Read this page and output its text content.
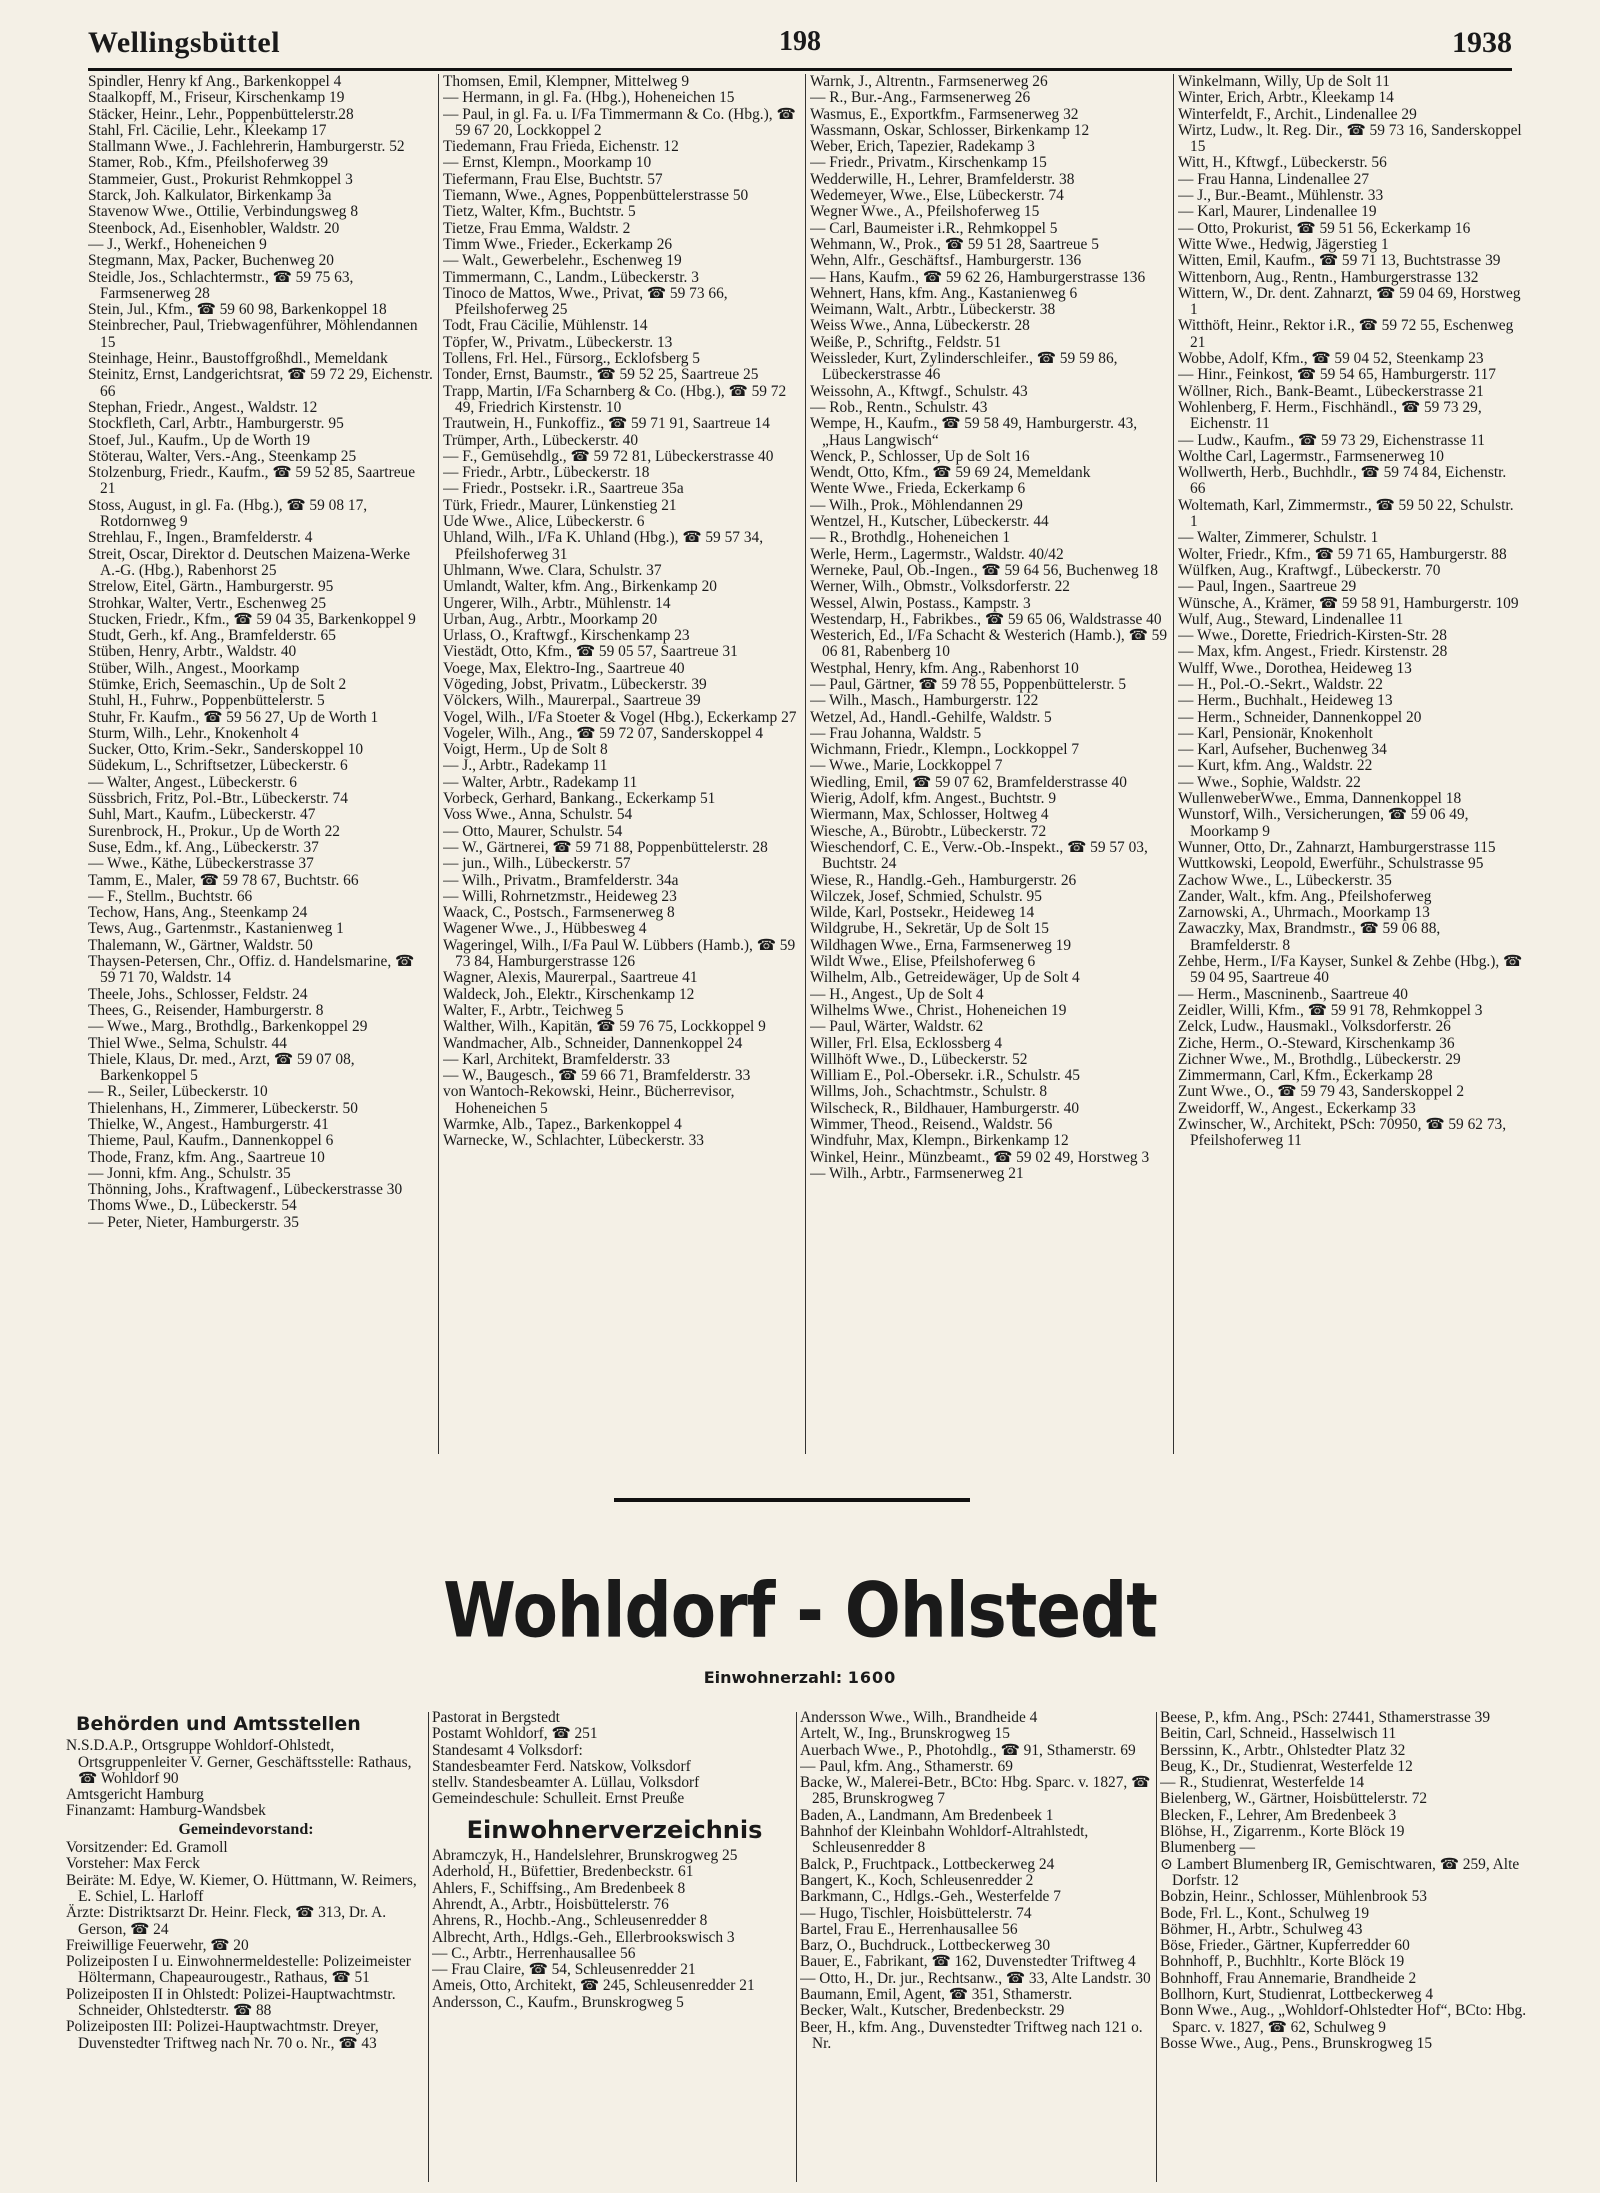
Wellingsbüttel	198	1938
Spindler, Henry kf Ang., Barkenkoppel 4
Staalkopff, M., Friseur, Kirschenkamp 19
Stäcker, Heinr., Lehr., Poppenbüttelerstr.28
Stahl, Frl. Cäcilie, Lehr., Kleekamp 17
Stallmann Wwe., J. Fachlehrerin, Hamburgerstr. 52
Stamer, Rob., Kfm., Pfeilshoferweg 39
Stammeier, Gust., Prokurist Rehmkoppel 3
Starck, Joh. Kalkulator, Birkenkamp 3a
Stavenow Wwe., Ottilie, Verbindungsweg 8
Steenbock, Ad., Eisenhobler, Waldstr. 20
— J., Werkf., Hoheneichen 9
Stegmann, Max, Packer, Buchenweg 20
Steidle, Jos., Schlachtermstr., ☎ 59 75 63, Farmsenerweg 28
Stein, Jul., Kfm., ☎ 59 60 98, Barkenkoppel 18
Steinbrecher, Paul, Triebwagenführer, Möhlendannen 15
Steinhage, Heinr., Baustoffgroßhdl., Memeldank
Steinitz, Ernst, Landgerichtsrat, ☎ 59 72 29, Eichenstr. 66
Stephan, Friedr., Angest., Waldstr. 12
Stockfleth, Carl, Arbtr., Hamburgerstr. 95
Stoef, Jul., Kaufm., Up de Worth 19
Stöterau, Walter, Vers.-Ang., Steenkamp 25
Stolzenburg, Friedr., Kaufm., ☎ 59 52 85, Saartreue 21
Stoss, August, in gl. Fa. (Hbg.), ☎ 59 08 17, Rotdornweg 9
Strehlau, F., Ingen., Bramfelderstr. 4
Streit, Oscar, Direktor d. Deutschen Maizena-Werke A.-G. (Hbg.), Rabenhorst 25
Strelow, Eitel, Gärtn., Hamburgerstr. 95
Strohkar, Walter, Vertr., Eschenweg 25
Stucken, Friedr., Kfm., ☎ 59 04 35, Barkenkoppel 9
Studt, Gerh., kf. Ang., Bramfelderstr. 65
Stüben, Henry, Arbtr., Waldstr. 40
Stüber, Wilh., Angest., Moorkamp
Stümke, Erich, Seemaschin., Up de Solt 2
Stuhl, H., Fuhrw., Poppenbüttelerstr. 5
Stuhr, Fr. Kaufm., ☎ 59 56 27, Up de Worth 1
Sturm, Wilh., Lehr., Knokenholt 4
Sucker, Otto, Krim.-Sekr., Sanderskoppel 10
Südekum, L., Schriftsetzer, Lübeckerstr. 6
— Walter, Angest., Lübeckerstr. 6
Süssbrich, Fritz, Pol.-Btr., Lübeckerstr. 74
Suhl, Mart., Kaufm., Lübeckerstr. 47
Surenbrock, H., Prokur., Up de Worth 22
Suse, Edm., kf. Ang., Lübeckerstr. 37
— Wwe., Käthe, Lübeckerstrasse 37
Tamm, E., Maler, ☎ 59 78 67, Buchtstr. 66
— F., Stellm., Buchtstr. 66
Techow, Hans, Ang., Steenkamp 24
Tews, Aug., Gartenmstr., Kastanienweg 1
Thalemann, W., Gärtner, Waldstr. 50
Thaysen-Petersen, Chr., Offiz. d. Handelsmarine, ☎ 59 71 70, Waldstr. 14
Theele, Johs., Schlosser, Feldstr. 24
Thees, G., Reisender, Hamburgerstr. 8
— Wwe., Marg., Brothdlg., Barkenkoppel 29
Thiel Wwe., Selma, Schulstr. 44
Thiele, Klaus, Dr. med., Arzt, ☎ 59 07 08, Barkenkoppel 5
— R., Seiler, Lübeckerstr. 10
Thielenhans, H., Zimmerer, Lübeckerstr. 50
Thielke, W., Angest., Hamburgerstr. 41
Thieme, Paul, Kaufm., Dannenkoppel 6
Thode, Franz, kfm. Ang., Saartreue 10
— Jonni, kfm. Ang., Schulstr. 35
Thönning, Johs., Kraftwagenf., Lübeckerstrasse 30
Thoms Wwe., D., Lübeckerstr. 54
— Peter, Nieter, Hamburgerstr. 35
Thomsen, Emil, Klempner, Mittelweg 9
— Hermann, in gl. Fa. (Hbg.), Hoheneichen 15
— Paul, in gl. Fa. u. I/Fa Timmermann & Co. (Hbg.), ☎ 59 67 20, Lockkoppel 2
Tiedemann, Frau Frieda, Eichenstr. 12
— Ernst, Klempn., Moorkamp 10
Tiefermann, Frau Else, Buchtstr. 57
Tiemann, Wwe., Agnes, Poppenbüttelerstrasse 50
Tietz, Walter, Kfm., Buchtstr. 5
Tietze, Frau Emma, Waldstr. 2
Timm Wwe., Frieder., Eckerkamp 26
— Walt., Gewerbelehr., Eschenweg 19
Timmermann, C., Landm., Lübeckerstr. 3
Tinoco de Mattos, Wwe., Privat, ☎ 59 73 66, Pfeilshoferweg 25
Todt, Frau Cäcilie, Mühlenstr. 14
Töpfer, W., Privatm., Lübeckerstr. 13
Tollens, Frl. Hel., Fürsorg., Ecklofsberg 5
Tonder, Ernst, Baumstr., ☎ 59 52 25, Saartreue 25
Trapp, Martin, I/Fa Scharnberg & Co. (Hbg.), ☎ 59 72 49, Friedrich Kirstenstr. 10
Trautwein, H., Funkoffiz., ☎ 59 71 91, Saartreue 14
Trümper, Arth., Lübeckerstr. 40
— F., Gemüsehdlg., ☎ 59 72 81, Lübeckerstrasse 40
— Friedr., Arbtr., Lübeckerstr. 18
— Friedr., Postsekr. i.R., Saartreue 35a
Türk, Friedr., Maurer, Lünkenstieg 21
Ude Wwe., Alice, Lübeckerstr. 6
Uhland, Wilh., I/Fa K. Uhland (Hbg.), ☎ 59 57 34, Pfeilshoferweg 31
Uhlmann, Wwe. Clara, Schulstr. 37
Umlandt, Walter, kfm. Ang., Birkenkamp 20
Ungerer, Wilh., Arbtr., Mühlenstr. 14
Urban, Aug., Arbtr., Moorkamp 20
Urlass, O., Kraftwgf., Kirschenkamp 23
Viestädt, Otto, Kfm., ☎ 59 05 57, Saartreue 31
Voege, Max, Elektro-Ing., Saartreue 40
Vögeding, Jobst, Privatm., Lübeckerstr. 39
Völckers, Wilh., Maurerpal., Saartreue 39
Vogel, Wilh., I/Fa Stoeter & Vogel (Hbg.), Eckerkamp 27
Vogeler, Wilh., Ang., ☎ 59 72 07, Sanderskoppel 4
Voigt, Herm., Up de Solt 8
— J., Arbtr., Radekamp 11
— Walter, Arbtr., Radekamp 11
Vorbeck, Gerhard, Bankang., Eckerkamp 51
Voss Wwe., Anna, Schulstr. 54
— Otto, Maurer, Schulstr. 54
— W., Gärtnerei, ☎ 59 71 88, Poppenbüttelerstr. 28
— jun., Wilh., Lübeckerstr. 57
— Wilh., Privatm., Bramfelderstr. 34a
— Willi, Rohrnetzmstr., Heideweg 23
Waack, C., Postsch., Farmsenerweg 8
Wagener Wwe., J., Hübbesweg 4
Wageringel, Wilh., I/Fa Paul W. Lübbers (Hamb.), ☎ 59 73 84, Hamburgerstrasse 126
Wagner, Alexis, Maurerpal., Saartreue 41
Waldeck, Joh., Elektr., Kirschenkamp 12
Walter, F., Arbtr., Teichweg 5
Walther, Wilh., Kapitän, ☎ 59 76 75, Lockkoppel 9
Wandmacher, Alb., Schneider, Dannenkoppel 24
— Karl, Architekt, Bramfelderstr. 33
— W., Baugesch., ☎ 59 66 71, Bramfelderstr. 33
von Wantoch-Rekowski, Heinr., Bücherrevisor, Hoheneichen 5
Warmke, Alb., Tapez., Barkenkoppel 4
Warnecke, W., Schlachter, Lübeckerstr. 33
Warnk, J., Altrentn., Farmsenerweg 26
— R., Bur.-Ang., Farmsenerweg 26
Wasmus, E., Exportkfm., Farmsenerweg 32
Wassmann, Oskar, Schlosser, Birkenkamp 12
Weber, Erich, Tapezier, Radekamp 3
— Friedr., Privatm., Kirschenkamp 15
Wedderwille, H., Lehrer, Bramfelderstr. 38
Wedemeyer, Wwe., Else, Lübeckerstr. 74
Wegner Wwe., A., Pfeilshoferweg 15
— Carl, Baumeister i.R., Rehmkoppel 5
Wehmann, W., Prok., ☎ 59 51 28, Saartreue 5
Wehn, Alfr., Geschäftsf., Hamburgerstr. 136
— Hans, Kaufm., ☎ 59 62 26, Hamburgerstrasse 136
Wehnert, Hans, kfm. Ang., Kastanienweg 6
Weimann, Walt., Arbtr., Lübeckerstr. 38
Weiss Wwe., Anna, Lübeckerstr. 28
Weiße, P., Schriftg., Feldstr. 51
Weissleder, Kurt, Zylinderschleifer., ☎ 59 59 86, Lübeckerstrasse 46
Weissohn, A., Kftwgf., Schulstr. 43
— Rob., Rentn., Schulstr. 43
Wempe, H., Kaufm., ☎ 59 58 49, Hamburgerstr. 43, „Haus Langwisch“
Wenck, P., Schlosser, Up de Solt 16
Wendt, Otto, Kfm., ☎ 59 69 24, Memeldank
Wente Wwe., Frieda, Eckerkamp 6
— Wilh., Prok., Möhlendannen 29
Wentzel, H., Kutscher, Lübeckerstr. 44
— R., Brothdlg., Hoheneichen 1
Werle, Herm., Lagermstr., Waldstr. 40/42
Werneke, Paul, Ob.-Ingen., ☎ 59 64 56, Buchenweg 18
Werner, Wilh., Obmstr., Volksdorferstr. 22
Wessel, Alwin, Postass., Kampstr. 3
Westendarp, H., Fabrikbes., ☎ 59 65 06, Waldstrasse 40
Westerich, Ed., I/Fa Schacht & Westerich (Hamb.), ☎ 59 06 81, Rabenberg 10
Westphal, Henry, kfm. Ang., Rabenhorst 10
— Paul, Gärtner, ☎ 59 78 55, Poppenbüttelerstr. 5
— Wilh., Masch., Hamburgerstr. 122
Wetzel, Ad., Handl.-Gehilfe, Waldstr. 5
— Frau Johanna, Waldstr. 5
Wichmann, Friedr., Klempn., Lockkoppel 7
— Wwe., Marie, Lockkoppel 7
Wiedling, Emil, ☎ 59 07 62, Bramfelderstrasse 40
Wierig, Adolf, kfm. Angest., Buchtstr. 9
Wiermann, Max, Schlosser, Holtweg 4
Wiesche, A., Bürobtr., Lübeckerstr. 72
Wieschendorf, C. E., Verw.-Ob.-Inspekt., ☎ 59 57 03, Buchtstr. 24
Wiese, R., Handlg.-Geh., Hamburgerstr. 26
Wilczek, Josef, Schmied, Schulstr. 95
Wilde, Karl, Postsekr., Heideweg 14
Wildgrube, H., Sekretär, Up de Solt 15
Wildhagen Wwe., Erna, Farmsenerweg 19
Wildt Wwe., Elise, Pfeilshoferweg 6
Wilhelm, Alb., Getreidewäger, Up de Solt 4
— H., Angest., Up de Solt 4
Wilhelms Wwe., Christ., Hoheneichen 19
— Paul, Wärter, Waldstr. 62
Willer, Frl. Elsa, Ecklossberg 4
Willhöft Wwe., D., Lübeckerstr. 52
William E., Pol.-Obersekr. i.R., Schulstr. 45
Willms, Joh., Schachtmstr., Schulstr. 8
Wilscheck, R., Bildhauer, Hamburgerstr. 40
Wimmer, Theod., Reisend., Waldstr. 56
Windfuhr, Max, Klempn., Birkenkamp 12
Winkel, Heinr., Münzbeamt., ☎ 59 02 49, Horstweg 3
— Wilh., Arbtr., Farmsenerweg 21
Winkelmann, Willy, Up de Solt 11
Winter, Erich, Arbtr., Kleekamp 14
Winterfeldt, F., Archit., Lindenallee 29
Wirtz, Ludw., lt. Reg. Dir., ☎ 59 73 16, Sanderskoppel 15
Witt, H., Kftwgf., Lübeckerstr. 56
— Frau Hanna, Lindenallee 27
— J., Bur.-Beamt., Mühlenstr. 33
— Karl, Maurer, Lindenallee 19
— Otto, Prokurist, ☎ 59 51 56, Eckerkamp 16
Witte Wwe., Hedwig, Jägerstieg 1
Witten, Emil, Kaufm., ☎ 59 71 13, Buchtstrasse 39
Wittenborn, Aug., Rentn., Hamburgerstrasse 132
Wittern, W., Dr. dent. Zahnarzt, ☎ 59 04 69, Horstweg 1
Witthöft, Heinr., Rektor i.R., ☎ 59 72 55, Eschenweg 21
Wobbe, Adolf, Kfm., ☎ 59 04 52, Steenkamp 23
— Hinr., Feinkost, ☎ 59 54 65, Hamburgerstr. 117
Wöllner, Rich., Bank-Beamt., Lübeckerstrasse 21
Wohlenberg, F. Herm., Fischhändl., ☎ 59 73 29, Eichenstr. 11
— Ludw., Kaufm., ☎ 59 73 29, Eichenstrasse 11
Wolthe Carl, Lagermstr., Farmsenerweg 10
Wollwerth, Herb., Buchhdlr., ☎ 59 74 84, Eichenstr. 66
Woltemath, Karl, Zimmermstr., ☎ 59 50 22, Schulstr. 1
— Walter, Zimmerer, Schulstr. 1
Wolter, Friedr., Kfm., ☎ 59 71 65, Hamburgerstr. 88
Wülfken, Aug., Kraftwgf., Lübeckerstr. 70
— Paul, Ingen., Saartreue 29
Wünsche, A., Krämer, ☎ 59 58 91, Hamburgerstr. 109
Wulf, Aug., Steward, Lindenallee 11
— Wwe., Dorette, Friedrich-Kirsten-Str. 28
— Max, kfm. Angest., Friedr. Kirstenstr. 28
Wulff, Wwe., Dorothea, Heideweg 13
— H., Pol.-O.-Sekrt., Waldstr. 22
— Herm., Buchhalt., Heideweg 13
— Herm., Schneider, Dannenkoppel 20
— Karl, Pensionär, Knokenholt
— Karl, Aufseher, Buchenweg 34
— Kurt, kfm. Ang., Waldstr. 22
— Wwe., Sophie, Waldstr. 22
WullenweberWwe., Emma, Dannenkoppel 18
Wunstorf, Wilh., Versicherungen, ☎ 59 06 49, Moorkamp 9
Wunner, Otto, Dr., Zahnarzt, Hamburgerstrasse 115
Wuttkowski, Leopold, Ewerführ., Schulstrasse 95
Zachow Wwe., L., Lübeckerstr. 35
Zander, Walt., kfm. Ang., Pfeilshoferweg
Zarnowski, A., Uhrmach., Moorkamp 13
Zawaczky, Max, Brandmstr., ☎ 59 06 88, Bramfelderstr. 8
Zehbe, Herm., I/Fa Kayser, Sunkel & Zehbe (Hbg.), ☎ 59 04 95, Saartreue 40
— Herm., Mascninenb., Saartreue 40
Zeidler, Willi, Kfm., ☎ 59 91 78, Rehmkoppel 3
Zelck, Ludw., Hausmakl., Volksdorferstr. 26
Ziche, Herm., O.-Steward, Kirschenkamp 36
Zichner Wwe., M., Brothdlg., Lübeckerstr. 29
Zimmermann, Carl, Kfm., Eckerkamp 28
Zunt Wwe., O., ☎ 59 79 43, Sanderskoppel 2
Zweidorff, W., Angest., Eckerkamp 33
Zwinscher, W., Architekt, PSch: 70950, ☎ 59 62 73, Pfeilshoferweg 11
Wohldorf - Ohlstedt
Einwohnerzahl: 1600
Behörden und Amtsstellen
N.S.D.A.P., Ortsgruppe Wohldorf-Ohlstedt, Ortsgruppenleiter V. Gerner, Geschäftsstelle: Rathaus, ☎ Wohldorf 90
Amtsgericht Hamburg
Finanzamt: Hamburg-Wandsbek
Gemeindevorstand:
Vorsitzender: Ed. Gramoll
Vorsteher: Max Ferck
Beiräte: M. Edye, W. Kiemer, O. Hüttmann, W. Reimers, E. Schiel, L. Harloff
Ärzte: Distriktsarzt Dr. Heinr. Fleck, ☎ 313, Dr. A. Gerson, ☎ 24
Freiwillige Feuerwehr, ☎ 20
Polizeiposten I u. Einwohnermeldestelle: Polizeimeister Höltermann, Chapeaurougestr., Rathaus, ☎ 51
Polizeiposten II in Ohlstedt: Polizei-Hauptwachtmstr. Schneider, Ohlstedterstr. ☎ 88
Polizeiposten III: Polizei-Hauptwachtmstr. Dreyer, Duvenstedter Triftweg nach Nr. 70 o. Nr., ☎ 43
Pastorat in Bergstedt
Postamt Wohldorf, ☎ 251
Standesamt 4 Volksdorf:
Standesbeamter Ferd. Natskow, Volksdorf
stellv. Standesbeamter A. Lüllau, Volksdorf
Gemeindeschule: Schulleit. Ernst Preuße
Einwohnerverzeichnis
Abramczyk, H., Handelslehrer, Brunskrogweg 25
Aderhold, H., Büfettier, Bredenbeckstr. 61
Ahlers, F., Schiffsing., Am Bredenbeek 8
Ahrendt, A., Arbtr., Hoisbüttelerstr. 76
Ahrens, R., Hochb.-Ang., Schleusenredder 8
Albrecht, Arth., Hdlgs.-Geh., Ellerbrookswisch 3
— C., Arbtr., Herrenhausallee 56
— Frau Claire, ☎ 54, Schleusenredder 21
Ameis, Otto, Architekt, ☎ 245, Schleusenredder 21
Andersson, C., Kaufm., Brunskrogweg 5
Andersson Wwe., Wilh., Brandheide 4
Artelt, W., Ing., Brunskrogweg 15
Auerbach Wwe., P., Photohdlg., ☎ 91, Sthamerstr. 69
— Paul, kfm. Ang., Sthamerstr. 69
Backe, W., Malerei-Betr., BCto: Hbg. Sparc. v. 1827, ☎ 285, Brunskrogweg 7
Baden, A., Landmann, Am Bredenbeek 1
Bahnhof der Kleinbahn Wohldorf-Altrahlstedt, Schleusenredder 8
Balck, P., Fruchtpack., Lottbeckerweg 24
Bangert, K., Koch, Schleusenredder 2
Barkmann, C., Hdlgs.-Geh., Westerfelde 7
— Hugo, Tischler, Hoisbüttelerstr. 74
Bartel, Frau E., Herrenhausallee 56
Barz, O., Buchdruck., Lottbeckerweg 30
Bauer, E., Fabrikant, ☎ 162, Duvenstedter Triftweg 4
— Otto, H., Dr. jur., Rechtsanw., ☎ 33, Alte Landstr. 30
Baumann, Emil, Agent, ☎ 351, Sthamerstr.
Becker, Walt., Kutscher, Bredenbeckstr. 29
Beer, H., kfm. Ang., Duvenstedter Triftweg nach 121 o. Nr.
Beese, P., kfm. Ang., PSch: 27441, Sthamerstrasse 39
Beitin, Carl, Schneid., Hasselwisch 11
Berssinn, K., Arbtr., Ohlstedter Platz 32
Beug, K., Dr., Studienrat, Westerfelde 12
— R., Studienrat, Westerfelde 14
Bielenberg, W., Gärtner, Hoisbüttelerstr. 72
Blecken, F., Lehrer, Am Bredenbeek 3
Blöhse, H., Zigarrenm., Korte Blöck 19
Blumenberg —
⊙ Lambert Blumenberg IR, Gemischtwaren, ☎ 259, Alte Dorfstr. 12
Bobzin, Heinr., Schlosser, Mühlenbrook 53
Bode, Frl. L., Kont., Schulweg 19
Böhmer, H., Arbtr., Schulweg 43
Böse, Frieder., Gärtner, Kupferredder 60
Bohnhoff, P., Buchhltr., Korte Blöck 19
Bohnhoff, Frau Annemarie, Brandheide 2
Bollhorn, Kurt, Studienrat, Lottbeckerweg 4
Bonn Wwe., Aug., „Wohldorf-Ohlstedter Hof“, BCto: Hbg. Sparc. v. 1827, ☎ 62, Schulweg 9
Bosse Wwe., Aug., Pens., Brunskrogweg 15
